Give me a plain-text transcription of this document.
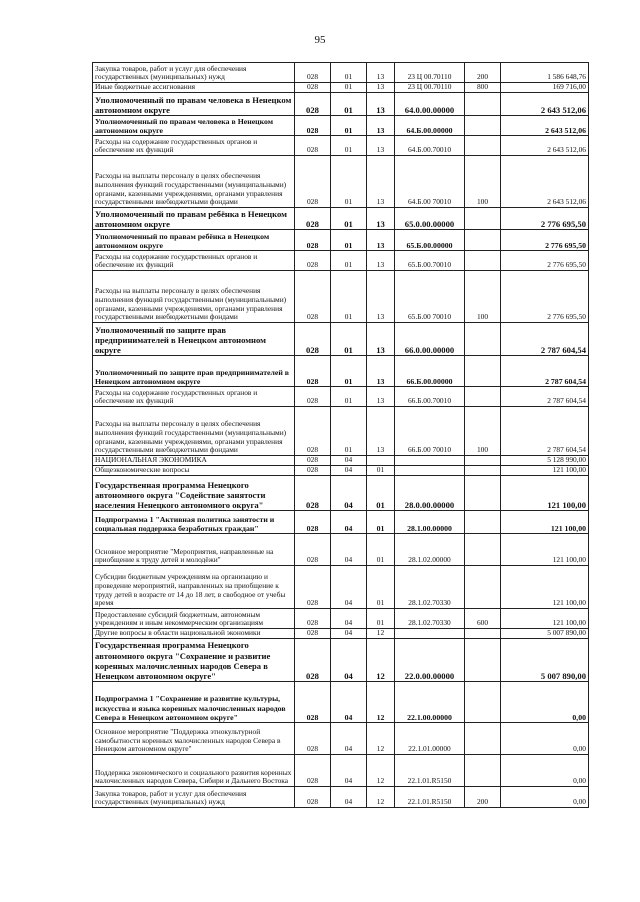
95
Закупка товаров, работ и услуг для обеспечения государственных (муниципальных) нужд	028	01	13	23 Ц 00.70110	200	1 586 648,76
Иные бюджетные ассигнования	028	01	13	23 Ц 00.70110	800	169 716,00
Уполномоченный по правам человека в Ненецком автономном округе	028	01	13	64.0.00.00000		2 643 512,06
Уполномоченный по правам человека в Ненецком автономном округе	028	01	13	64.Б.00.00000		2 643 512,06
Расходы на содержание государственных органов и обеспечение их функций	028	01	13	64.Б.00.70010		2 643 512,06
Расходы на выплаты персоналу в целях обеспечения выполнения функций государственными (муниципальными) органами, казенными учреждениями, органами управления государственными внебюджетными фондами	028	01	13	64.Б.00 70010	100	2 643 512,06
Уполномоченный по правам ребёнка в Ненецком автономном округе	028	01	13	65.0.00.00000		2 776 695,50
Уполномоченный по правам ребёнка в Ненецком автономном округе	028	01	13	65.Б.00.00000		2 776 695,50
Расходы на содержание государственных органов и обеспечение их функций	028	01	13	65.Б.00.70010		2 776 695,50
Расходы на выплаты персоналу в целях обеспечения выполнения функций государственными (муниципальными) органами, казенными учреждениями, органами управления государственными внебюджетными фондами	028	01	13	65.Б.00 70010	100	2 776 695,50
Уполномоченный по защите прав предпринимателей в Ненецком автономном округе	028	01	13	66.0.00.00000		2 787 604,54
Уполномоченный по защите прав предпринимателей в Ненецком автономном округе	028	01	13	66.Б.00.00000		2 787 604,54
Расходы на содержание государственных органов и обеспечение их функций	028	01	13	66.Б.00.70010		2 787 604,54
Расходы на выплаты персоналу в целях обеспечения выполнения функций государственными (муниципальными) органами, казенными учреждениями, органами управления государственными внебюджетными фондами	028	01	13	66.Б.00 70010	100	2 787 604,54
НАЦИОНАЛЬНАЯ ЭКОНОМИКА	028	04				5 128 990,00
Общеэкономические вопросы	028	04	01			121 100,00
Государственная программа Ненецкого автономного округа "Содействие занятости населения Ненецкого автономного округа"	028	04	01	28.0.00.00000		121 100,00
Подпрограмма 1 "Активная политика занятости и социальная поддержка безработных граждан"	028	04	01	28.1.00.00000		121 100,00
Основное мероприятие "Мероприятия, направленные на приобщение к труду детей и молодёжи"	028	04	01	28.1.02.00000		121 100,00
Субсидии бюджетным учреждениям на организацию и проведение мероприятий, направленных на приобщение к труду детей в возрасте от 14 до 18 лет, в свободное от учебы время	028	04	01	28.1.02.70330		121 100,00
Предоставление субсидий бюджетным, автономным учреждениям и иным некоммерческим организациям	028	04	01	28.1.02.70330	600	121 100,00
Другие вопросы в области национальной экономики	028	04	12			5 007 890,00
Государственная программа Ненецкого автономного округа "Сохранение и развитие коренных малочисленных народов Севера в Ненецком автономном округе"	028	04	12	22.0.00.00000		5 007 890,00
Подпрограмма 1 "Сохранение и развитие культуры, искусства и языка коренных малочисленных народов Севера в Ненецком автономном округе"	028	04	12	22.1.00.00000		0,00
Основное мероприятие "Поддержка этнокультурной самобытности коренных малочисленных народов Севера в Ненецком автономном округе"	028	04	12	22.1.01.00000		0,00
Поддержка экономического и социального развития коренных малочисленных народов Севера, Сибири и Дальнего Востока	028	04	12	22.1.01.R5150		0,00
Закупка товаров, работ и услуг для обеспечения государственных (муниципальных) нужд	028	04	12	22.1.01.R5150	200	0,00
